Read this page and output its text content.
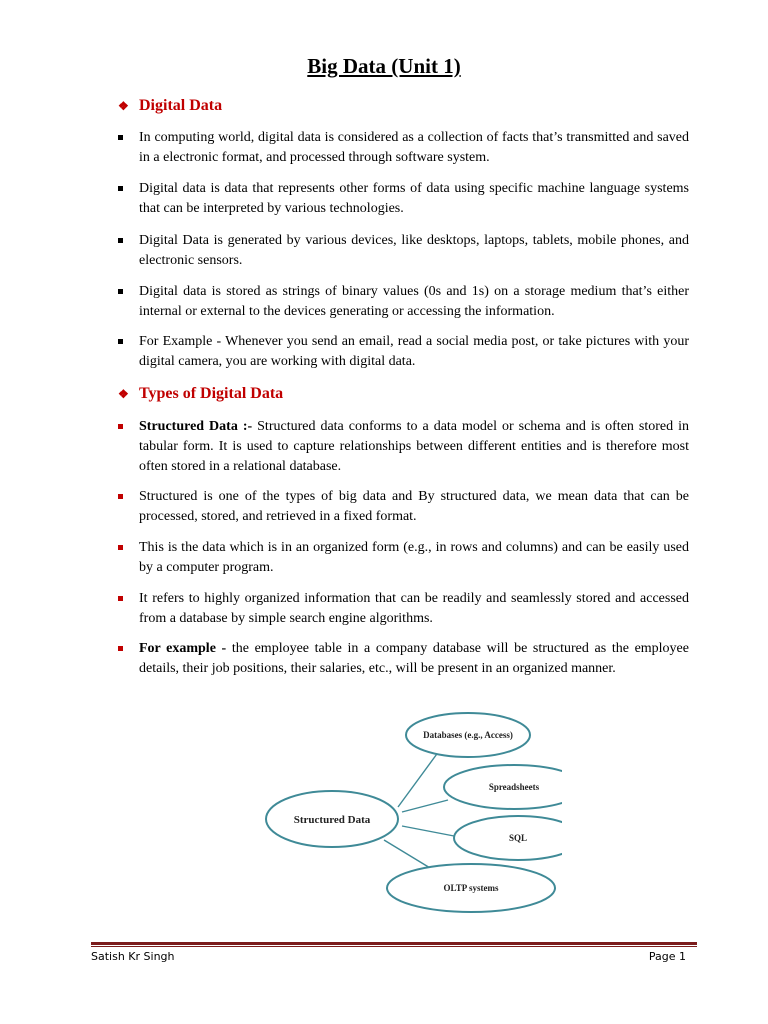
Big Data (Unit 1)
❖ Digital Data
In computing world, digital data is considered as a collection of facts that’s transmitted and saved in a electronic format, and processed through software system.
Digital data is data that represents other forms of data using specific machine language systems that can be interpreted by various technologies.
Digital Data is generated by various devices, like desktops, laptops, tablets, mobile phones, and electronic sensors.
Digital data is stored as strings of binary values (0s and 1s) on a storage medium that’s either internal or external to the devices generating or accessing the information.
For Example - Whenever you send an email, read a social media post, or take pictures with your digital camera, you are working with digital data.
❖ Types of Digital Data
Structured Data :- Structured data conforms to a data model or schema and is often stored in tabular form. It is used to capture relationships between different entities and is therefore most often stored in a relational database.
Structured is one of the types of big data and By structured data, we mean data that can be processed, stored, and retrieved in a fixed format.
This is the data which is in an organized form (e.g., in rows and columns) and can be easily used by a computer program.
It refers to highly organized information that can be readily and seamlessly stored and accessed from a database by simple search engine algorithms.
For example - the employee table in a company database will be structured as the employee details, their job positions, their salaries, etc., will be present in an organized manner.
Databases (e.g., Access)
Spreadsheets
SQL
OLTP systems
Structured Data
Satish Kr Singh	Page 1
